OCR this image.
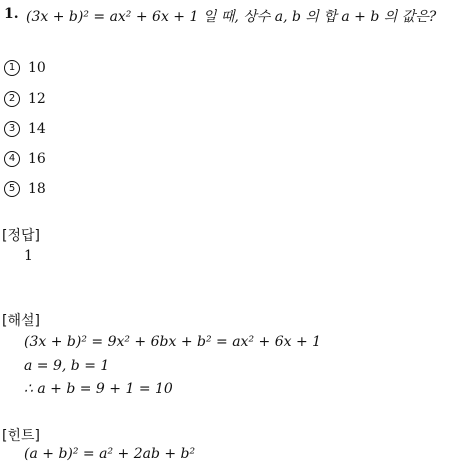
1. (3x + b)² = ax² + 6x + 1 일 때, 상수 a, b 의 합 a + b 의 값은?
1 10
2 12
3 14
4 16
5 18
[정답]
1
[해설]
(3x + b)² = 9x² + 6bx + b² = ax² + 6x + 1
a = 9, b = 1
∴ a + b = 9 + 1 = 10
[힌트]
(a + b)² = a² + 2ab + b²
